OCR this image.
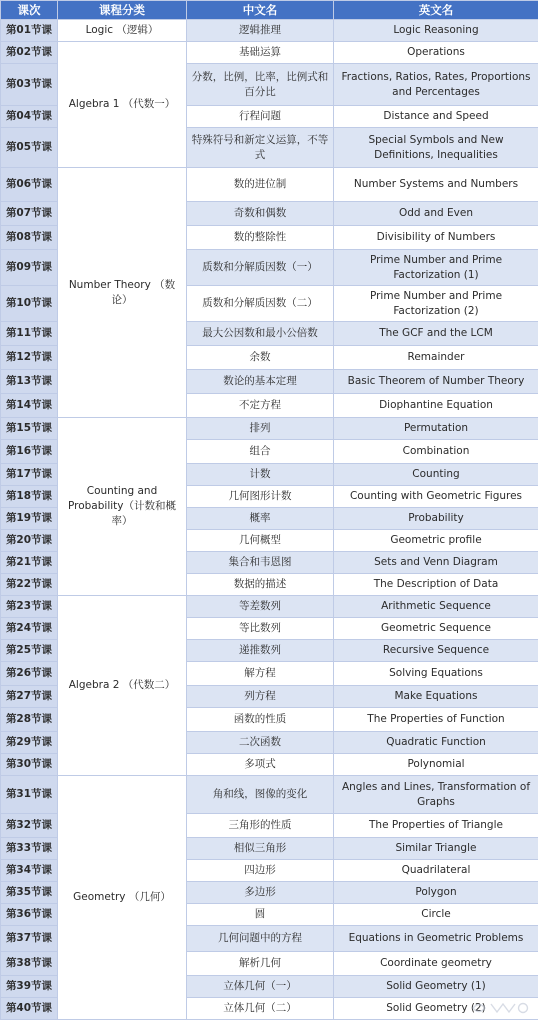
课次	课程分类	中文名	英文名
第01节课	Logic （逻辑）	逻辑推理	Logic Reasoning
第02节课	Algebra 1 （代数一）	基础运算	Operations
第03节课		分数，比例，比率，比例式和百分比	Fractions, Ratios, Rates, Proportions and Percentages
第04节课		行程问题	Distance and Speed
第05节课		特殊符号和新定义运算，不等式	Special Symbols and New Definitions, Inequalities
第06节课	Number Theory （数论）	数的进位制	Number Systems and Numbers
第07节课		奇数和偶数	Odd and Even
第08节课		数的整除性	Divisibility of Numbers
第09节课		质数和分解质因数（一）	Prime Number and Prime Factorization (1)
第10节课		质数和分解质因数（二）	Prime Number and Prime Factorization (2)
第11节课		最大公因数和最小公倍数	The GCF and the LCM
第12节课		余数	Remainder
第13节课		数论的基本定理	Basic Theorem of Number Theory
第14节课		不定方程	Diophantine Equation
第15节课	Counting and Probability（计数和概率）	排列	Permutation
第16节课		组合	Combination
第17节课		计数	Counting
第18节课		几何图形计数	Counting with Geometric Figures
第19节课		概率	Probability
第20节课		几何概型	Geometric profile
第21节课		集合和韦恩图	Sets and Venn Diagram
第22节课		数据的描述	The Description of Data
第23节课	Algebra 2 （代数二）	等差数列	Arithmetic Sequence
第24节课		等比数列	Geometric Sequence
第25节课		递推数列	Recursive Sequence
第26节课		解方程	Solving Equations
第27节课		列方程	Make Equations
第28节课		函数的性质	The Properties of Function
第29节课		二次函数	Quadratic Function
第30节课		多项式	Polynomial
第31节课	Geometry （几何）	角和线，图像的变化	Angles and Lines, Transformation of Graphs
第32节课		三角形的性质	The Properties of Triangle
第33节课		相似三角形	Similar Triangle
第34节课		四边形	Quadrilateral
第35节课		多边形	Polygon
第36节课		圆	Circle
第37节课		几何问题中的方程	Equations in Geometric Problems
第38节课		解析几何	Coordinate geometry
第39节课		立体几何（一）	Solid Geometry (1)
第40节课		立体几何（二）	Solid Geometry (2)
